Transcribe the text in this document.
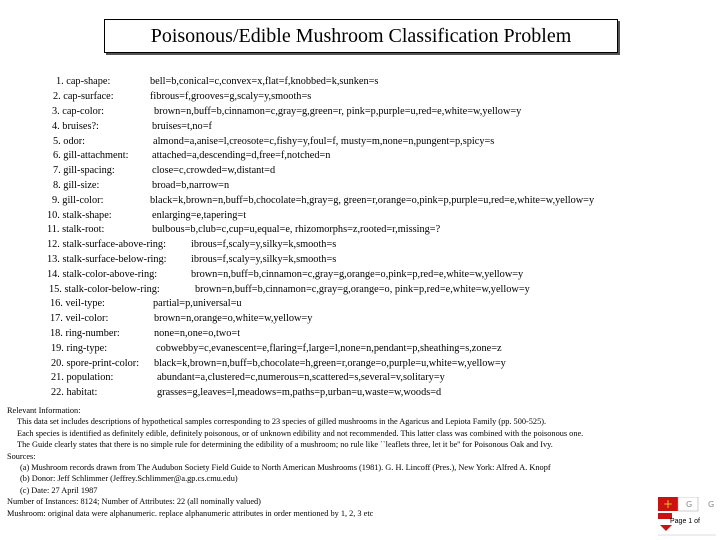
Poisonous/Edible Mushroom Classification Problem
1. cap-shape:	bell=b,conical=c,convex=x,flat=f,knobbed=k,sunken=s
2. cap-surface:	fibrous=f,grooves=g,scaly=y,smooth=s
3. cap-color:	brown=n,buff=b,cinnamon=c,gray=g,green=r, pink=p,purple=u,red=e,white=w,yellow=y
4. bruises?:	bruises=t,no=f
5. odor:	almond=a,anise=l,creosote=c,fishy=y,foul=f, musty=m,none=n,pungent=p,spicy=s
6. gill-attachment: attached=a,descending=d,free=f,notched=n
7. gill-spacing:	close=c,crowded=w,distant=d
8. gill-size:	broad=b,narrow=n
9. gill-color:	black=k,brown=n,buff=b,chocolate=h,gray=g, green=r,orange=o,pink=p,purple=u,red=e,white=w,yellow=y
10. stalk-shape:	enlarging=e,tapering=t
11. stalk-root:	bulbous=b,club=c,cup=u,equal=e, rhizomorphs=z,rooted=r,missing=?
12. stalk-surface-above-ring: ibrous=f,scaly=y,silky=k,smooth=s
13. stalk-surface-below-ring: ibrous=f,scaly=y,silky=k,smooth=s
14. stalk-color-above-ring:	brown=n,buff=b,cinnamon=c,gray=g,orange=o,pink=p,red=e,white=w,yellow=y
15. stalk-color-below-ring:	brown=n,buff=b,cinnamon=c,gray=g,orange=o, pink=p,red=e,white=w,yellow=y
16. veil-type:	partial=p,universal=u
17. veil-color:	brown=n,orange=o,white=w,yellow=y
18. ring-number:	none=n,one=o,two=t
19. ring-type:	cobwebby=c,evanescent=e,flaring=f,large=l,none=n,pendant=p,sheathing=s,zone=z
20. spore-print-color: black=k,brown=n,buff=b,chocolate=h,green=r,orange=o,purple=u,white=w,yellow=y
21. population:	abundant=a,clustered=c,numerous=n,scattered=s,several=v,solitary=y
22. habitat:	grasses=g,leaves=l,meadows=m,paths=p,urban=u,waste=w,woods=d
Relevant Information:
This data set includes descriptions of hypothetical samples corresponding to 23 species of gilled mushrooms in the Agaricus and Lepiota Family (pp. 500-525).
Each species is identified as definitely edible, definitely poisonous, or of unknown edibility and not recommended. This latter class was combined with the poisonous one.
The Guide clearly states that there is no simple rule for determining the edibility of a mushroom; no rule like ``leaflets three, let it be'' for Poisonous Oak and Ivy.
Sources:
(a) Mushroom records drawn from The Audubon Society Field Guide to North American Mushrooms (1981). G. H. Lincoff (Pres.), New York: Alfred A. Knopf
(b) Donor: Jeff Schlimmer (Jeffrey.Schlimmer@a.gp.cs.cmu.edu)
(c) Date: 27 April 1987
Number of Instances: 8124; Number of Attributes: 22 (all nominally valued)
Mushroom: original data were alphanumeric. replace alphanumeric attributes in order mentioned by 1, 2, 3 etc
+ G G
Page 1 of
